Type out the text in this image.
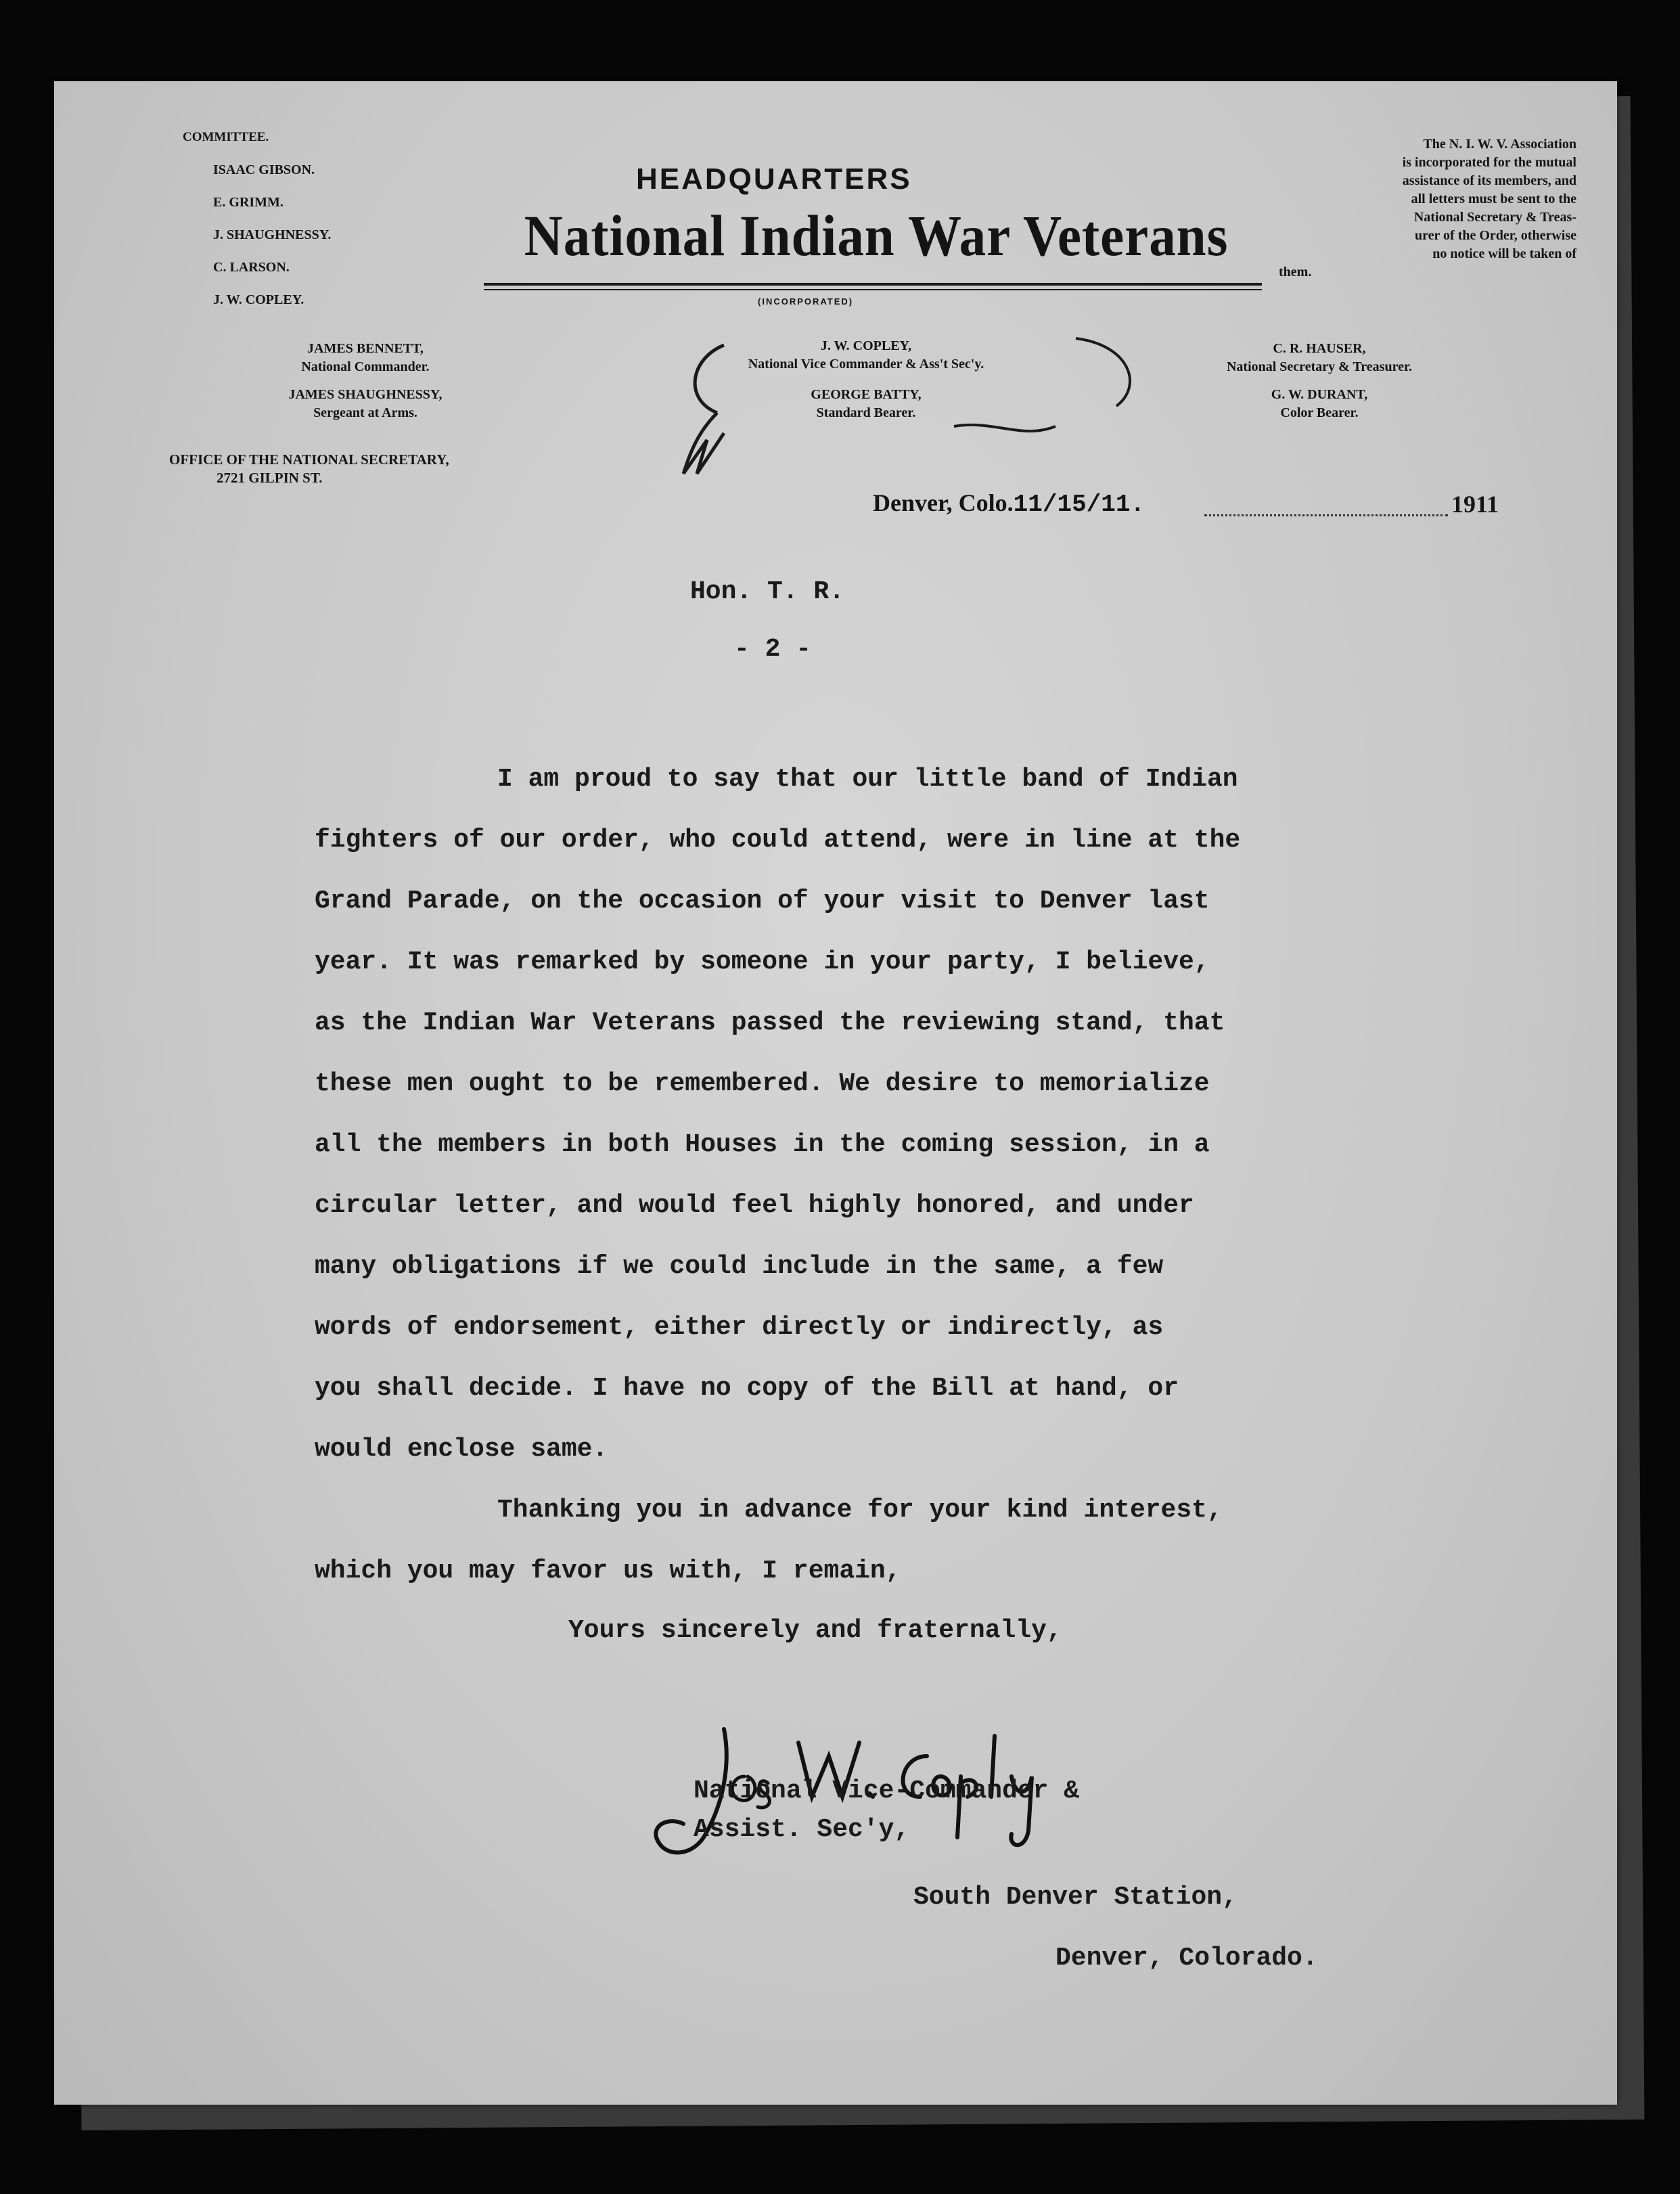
COMMITTEE.
ISAAC GIBSON.
E. GRIMM.
J. SHAUGHNESSY.
C. LARSON.
J. W. COPLEY.
HEADQUARTERS
National Indian War Veterans
(INCORPORATED)
The N. I. W. V. Association
is incorporated for the mutual
assistance of its members, and
all letters must be sent to the
National Secretary & Treas-
urer of the Order, otherwise
no notice will be taken of
them.
JAMES BENNETT,
National Commander.
JAMES SHAUGHNESSY,
Sergeant at Arms.
J. W. COPLEY,
National Vice Commander & Ass't Sec'y.
GEORGE BATTY,
Standard Bearer.
C. R. HAUSER,
National Secretary & Treasurer.
G. W. DURANT,
Color Bearer.
OFFICE OF THE NATIONAL SECRETARY,
2721 GILPIN ST.
Denver, Colo.11/15/11.	1911
Hon. T. R.
- 2 -
I am proud to say that our little band of Indian
fighters of our order, who could attend, were in line at the
Grand Parade, on the occasion of your visit to Denver last
year. It was remarked by someone in your party, I believe,
as the Indian War Veterans passed the reviewing stand, that
these men ought to be remembered. We desire to memorialize
all the members in both Houses in the coming session, in a
circular letter, and would feel highly honored, and under
many obligations if we could include in the same, a few
words of endorsement, either directly or indirectly, as
you shall decide. I have no copy of the Bill at hand, or
would enclose same.
Thanking you in advance for your kind interest,
which you may favor us with, I remain,
Yours sincerely and fraternally,
National Vice-Commander &
Assist. Sec'y,
South Denver Station,
Denver, Colorado.
